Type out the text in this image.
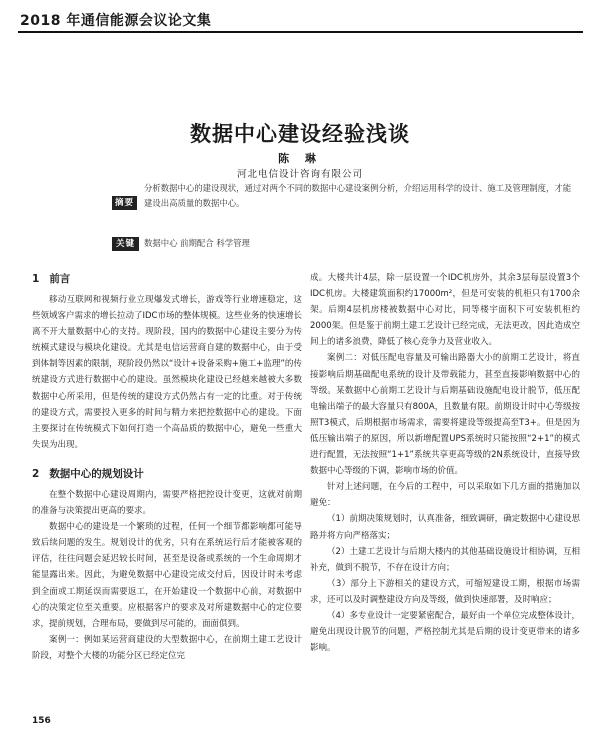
2018 年通信能源会议论文集
数据中心建设经验浅谈
陈 琳
河北电信设计咨询有限公司
摘要
分析数据中心的建设现状，通过对两个不同的数据中心建设案例分析，介绍运用科学的设计、施工及管理制度，才能建设出高质量的数据中心。
关键词
数据中心 前期配合 科学管理
1 前言

移动互联网和视频行业立现爆发式增长，游戏等行业增速稳定，这些领域客户需求的增长拉动了IDC市场的整体规模。这些业务的快速增长离不开大量数据中心的支持。现阶段，国内的数据中心建设主要分为传统模式建设与模块化建设。尤其是电信运营商自建的数据中心，由于受到体制等因素的限制，现阶段仍然以“设计+设备采购+施工+监理”的传统建设方式进行数据中心的建设。虽然模块化建设已经越来越被大多数数据中心所采用，但是传统的建设方式仍然占有一定的比重。对于传统的建设方式，需要投入更多的时间与精力来把控数据中心的建设。下面主要探讨在传统模式下如何打造一个高品质的数据中心，避免一些重大失误为出现。

2 数据中心的规划设计

在整个数据中心建设周期内，需要严格把控设计变更，这就对前期的准备与决策提出更高的要求。

数据中心的建设是一个繁琐的过程，任何一个细节都影响都可能导致后续问题的发生。规划设计的优劣，只有在系统运行后才能被客观的评估，往往问题会延迟较长时间，甚至是设备或系统的一个生命周期才能显露出来。因此，为避免数据中心建设完成交付后，因设计时未考虑到全面或工期延误而需要返工，在开始建设一个数据中心前，对数据中心的决策定位至关重要。应根据客户的要求及对所建数据中心的定位要求，提前规划，合理布局，要做到尽可能的，面面俱到。

案例一：例如某运营商建设的大型数据中心，在前期土建工艺设计阶段，对整个大楼的功能分区已经定位完

成。大楼共计4层，除一层设置一个IDC机房外，其余3层每层设置3个IDC机房。大楼建筑面积约17000m²，但是可安装的机柜只有1700余架。后期4层机房楼被数据中心对比，同等楼宇面积下可安装机柜约2000架。但是鉴于前期土建工艺设计已经完成，无法更改，因此造成空间上的诸多浪费，降低了核心竞争力及营业收入。

案例二：对低压配电容量及可输出路器大小的前期工艺设计，将直接影响后期基础配电系统的设计及带载能力，甚至直接影响数据中心的等级。某数据中心前期工艺设计与后期基础设施配电设计脱节，低压配电输出端子的最大容量只有800A，且数量有限。前期设计时中心等级按照T3模式，后期根据市场需求，需要将建设等级提高至T3+。但是因为低压输出端子的原因，所以新增配置UPS系统时只能按照“2+1”的模式进行配置，无法按照“1+1”系统共享更高等级的2N系统设计，直接导致数据中心等级的下调，影响市场的价值。

针对上述问题，在今后的工程中，可以采取如下几方面的措施加以避免：

（1）前期决策规划时，认真准备，细致调研，确定数据中心建设思路并将方向严格落实；

（2）土建工艺设计与后期大楼内的其他基础设施设计相协调，互相补充，做到不脱节，不存在设计方向；

（3）部分上下游相关的建设方式，可缩短建设工期，根据市场需求，还可以及时调整建设方向及等级，做到快速部署，及时响应；

（4）多专业设计一定要紧密配合，最好由一个单位完成整体设计，避免出现设计脱节的问题，严格控制尤其是后期的设计变更带来的诸多影响。

156
